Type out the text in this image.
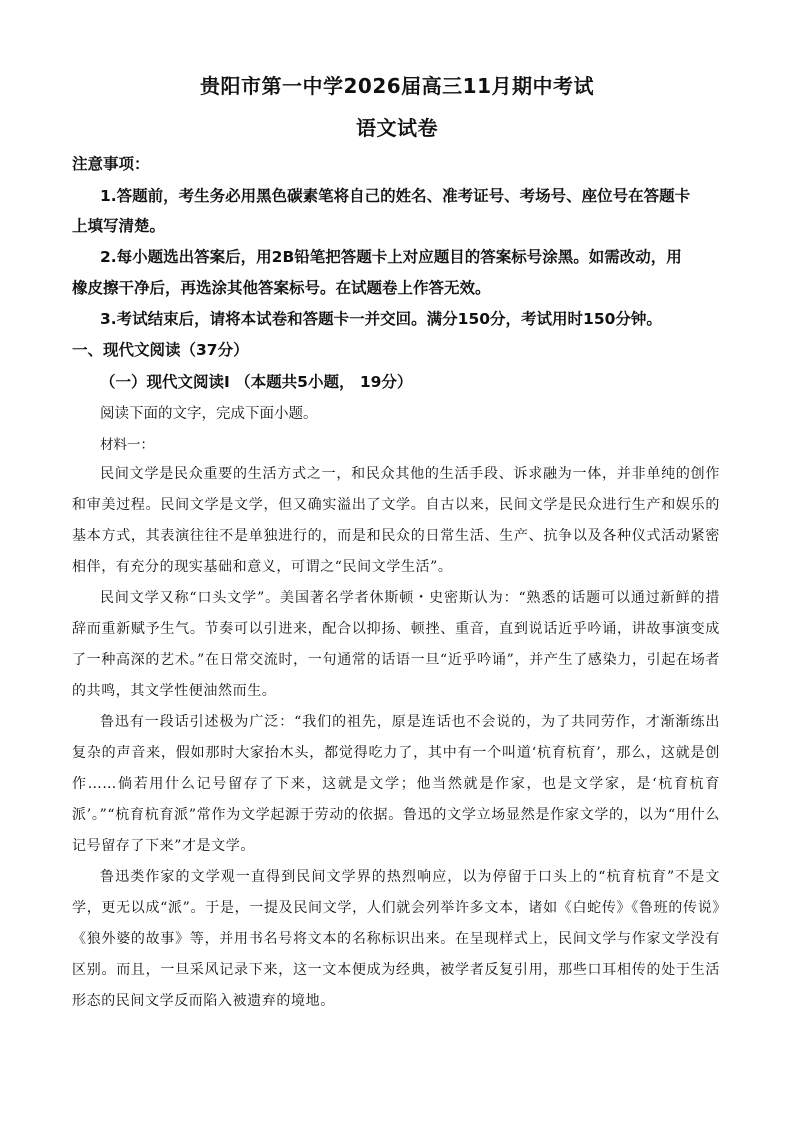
贵阳市第一中学2026届高三11月期中考试
语文试卷
注意事项：
1.答题前，考生务必用黑色碳素笔将自己的姓名、准考证号、考场号、座位号在答题卡
上填写清楚。
2.每小题选出答案后，用2B铅笔把答题卡上对应题目的答案标号涂黑。如需改动，用
橡皮擦干净后，再选涂其他答案标号。在试题卷上作答无效。
3.考试结束后，请将本试卷和答题卡一并交回。满分150分，考试用时150分钟。
一、现代文阅读（37分）
（一）现代文阅读Ⅰ （本题共5小题， 19分）
阅读下面的文字，完成下面小题。
材料一：
民间文学是民众重要的生活方式之一，和民众其他的生活手段、诉求融为一体，并非单纯的创作和审美过程。民间文学是文学，但又确实溢出了文学。自古以来，民间文学是民众进行生产和娱乐的基本方式，其表演往往不是单独进行的，而是和民众的日常生活、生产、抗争以及各种仪式活动紧密相伴，有充分的现实基础和意义，可谓之“民间文学生活”。
民间文学又称“口头文学”。美国著名学者休斯顿・史密斯认为：“熟悉的话题可以通过新鲜的措辞而重新赋予生气。节奏可以引进来，配合以抑扬、顿挫、重音，直到说话近乎吟诵，讲故事演变成了一种高深的艺术。”在日常交流时，一句通常的话语一旦“近乎吟诵”，并产生了感染力，引起在场者的共鸣，其文学性便油然而生。
鲁迅有一段话引述极为广泛：“我们的祖先，原是连话也不会说的，为了共同劳作，才渐渐练出复杂的声音来，假如那时大家抬木头，都觉得吃力了，其中有一个叫道‘杭育杭育’，那么，这就是创作……倘若用什么记号留存了下来，这就是文学；他当然就是作家，也是文学家，是‘杭育杭育派’。”“杭育杭育派”常作为文学起源于劳动的依据。鲁迅的文学立场显然是作家文学的，以为“用什么记号留存了下来”才是文学。
鲁迅类作家的文学观一直得到民间文学界的热烈响应，以为停留于口头上的“杭育杭育”不是文学，更无以成“派”。于是，一提及民间文学，人们就会列举许多文本，诸如《白蛇传》《鲁班的传说》《狼外婆的故事》等，并用书名号将文本的名称标识出来。在呈现样式上，民间文学与作家文学没有区别。而且，一旦采风记录下来，这一文本便成为经典，被学者反复引用，那些口耳相传的处于生活形态的民间文学反而陷入被遗弃的境地。
